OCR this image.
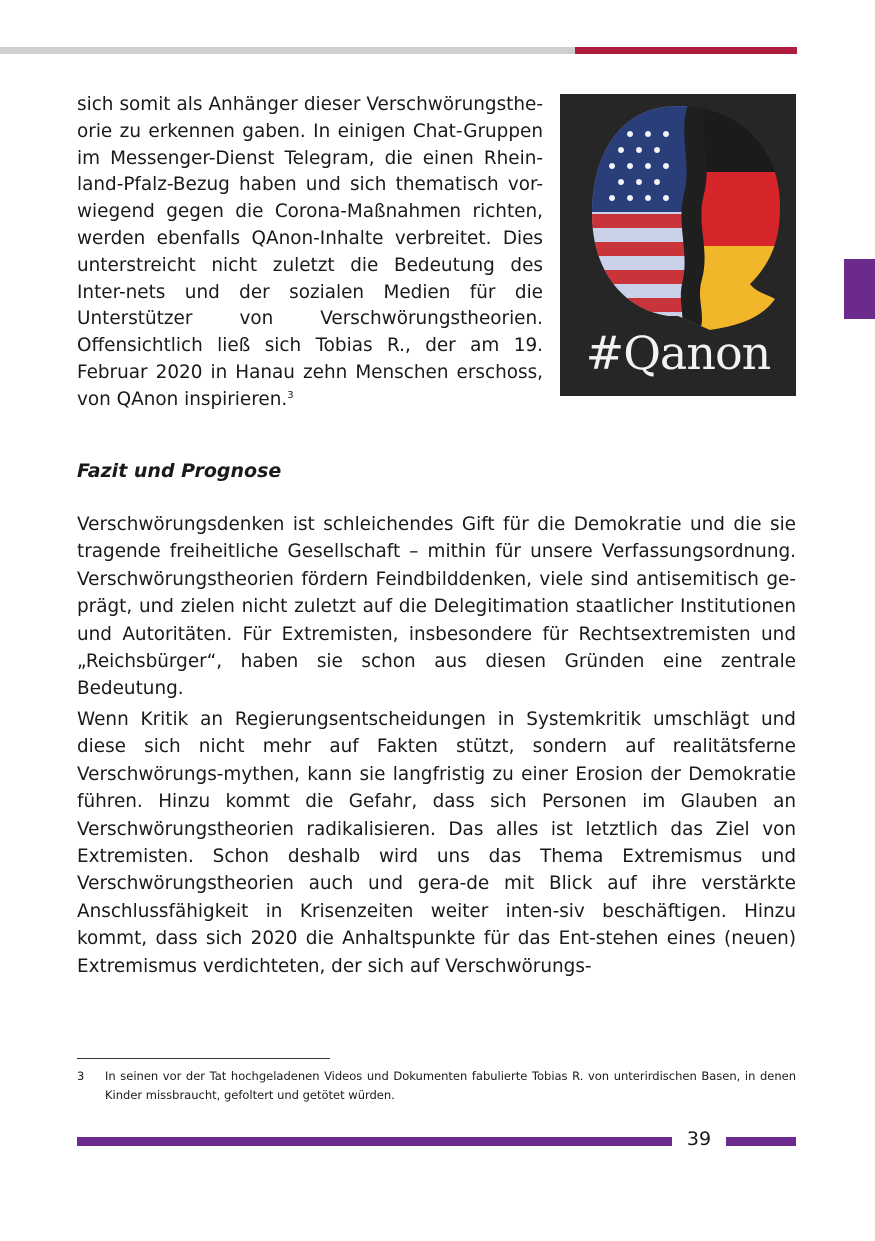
sich somit als Anhänger dieser Verschwörungsthe-orie zu erkennen gaben. In einigen Chat-Gruppen im Messenger-Dienst Telegram, die einen Rhein-land-Pfalz-Bezug haben und sich thematisch vor-wiegend gegen die Corona-Maßnahmen richten, werden ebenfalls QAnon-Inhalte verbreitet. Dies unterstreicht nicht zuletzt die Bedeutung des Inter-nets und der sozialen Medien für die Unterstützer von Verschwörungstheorien. Offensichtlich ließ sich Tobias R., der am 19. Februar 2020 in Hanau zehn Menschen erschoss, von QAnon inspirieren.$^3$
#Qanon
Fazit und Prognose
Verschwörungsdenken ist schleichendes Gift für die Demokratie und die sie tragende freiheitliche Gesellschaft – mithin für unsere Verfassungsordnung. Verschwörungstheorien fördern Feindbilddenken, viele sind antisemitisch ge-prägt, und zielen nicht zuletzt auf die Delegitimation staatlicher Institutionen und Autoritäten. Für Extremisten, insbesondere für Rechtsextremisten und „Reichsbürger“, haben sie schon aus diesen Gründen eine zentrale Bedeutung.
Wenn Kritik an Regierungsentscheidungen in Systemkritik umschlägt und diese sich nicht mehr auf Fakten stützt, sondern auf realitätsferne Verschwörungs-mythen, kann sie langfristig zu einer Erosion der Demokratie führen. Hinzu kommt die Gefahr, dass sich Personen im Glauben an Verschwörungstheorien radikalisieren. Das alles ist letztlich das Ziel von Extremisten. Schon deshalb wird uns das Thema Extremismus und Verschwörungstheorien auch und gera-de mit Blick auf ihre verstärkte Anschlussfähigkeit in Krisenzeiten weiter inten-siv beschäftigen. Hinzu kommt, dass sich 2020 die Anhaltspunkte für das Ent-stehen eines (neuen) Extremismus verdichteten, der sich auf Verschwörungs-
3	In seinen vor der Tat hochgeladenen Videos und Dokumenten fabulierte Tobias R. von unterirdischen Basen, in denen Kinder missbraucht, gefoltert und getötet würden.
39
